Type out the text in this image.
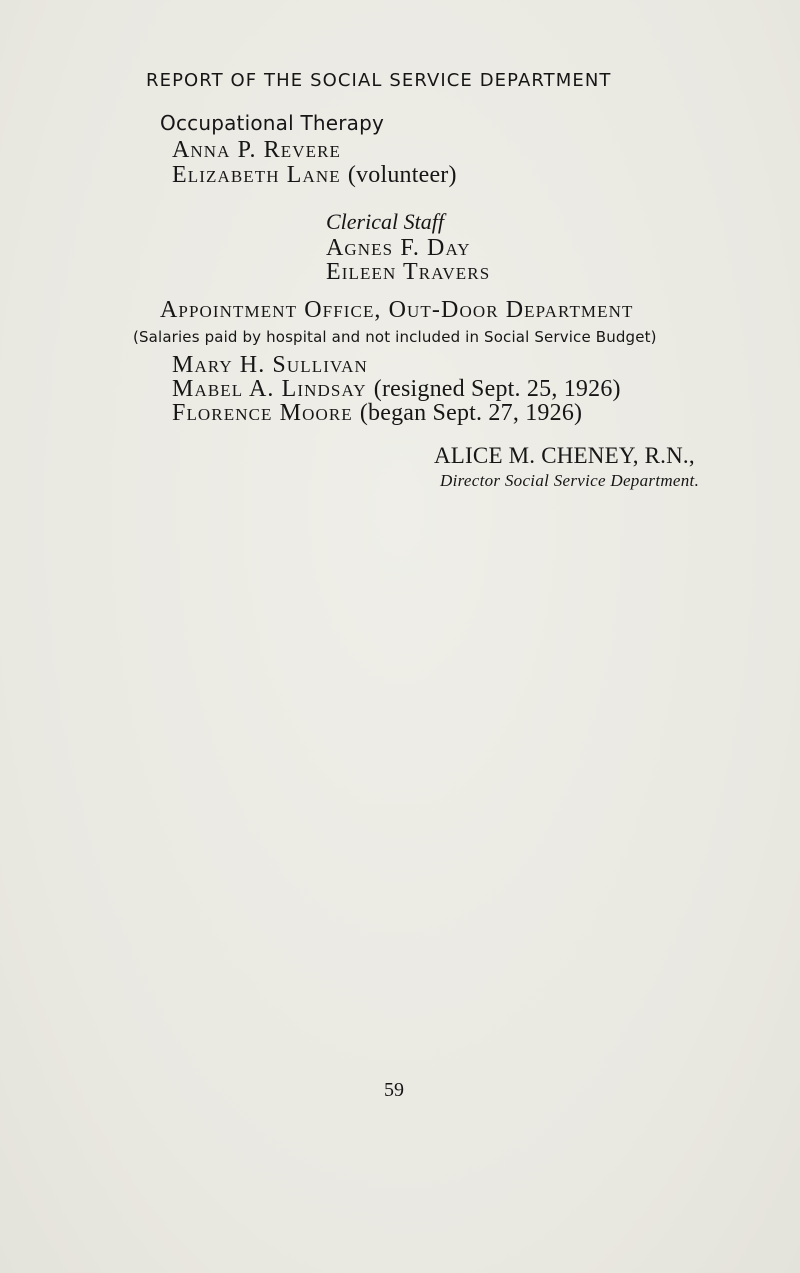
REPORT OF THE SOCIAL SERVICE DEPARTMENT
Occupational Therapy
Anna P. Revere
Elizabeth Lane (volunteer)
Clerical Staff
Agnes F. Day
Eileen Travers
Appointment Office, Out-Door Department
(Salaries paid by hospital and not included in Social Service Budget)
Mary H. Sullivan
Mabel A. Lindsay (resigned Sept. 25, 1926)
Florence Moore (began Sept. 27, 1926)
ALICE M. CHENEY, R.N.,
Director Social Service Department.
59
